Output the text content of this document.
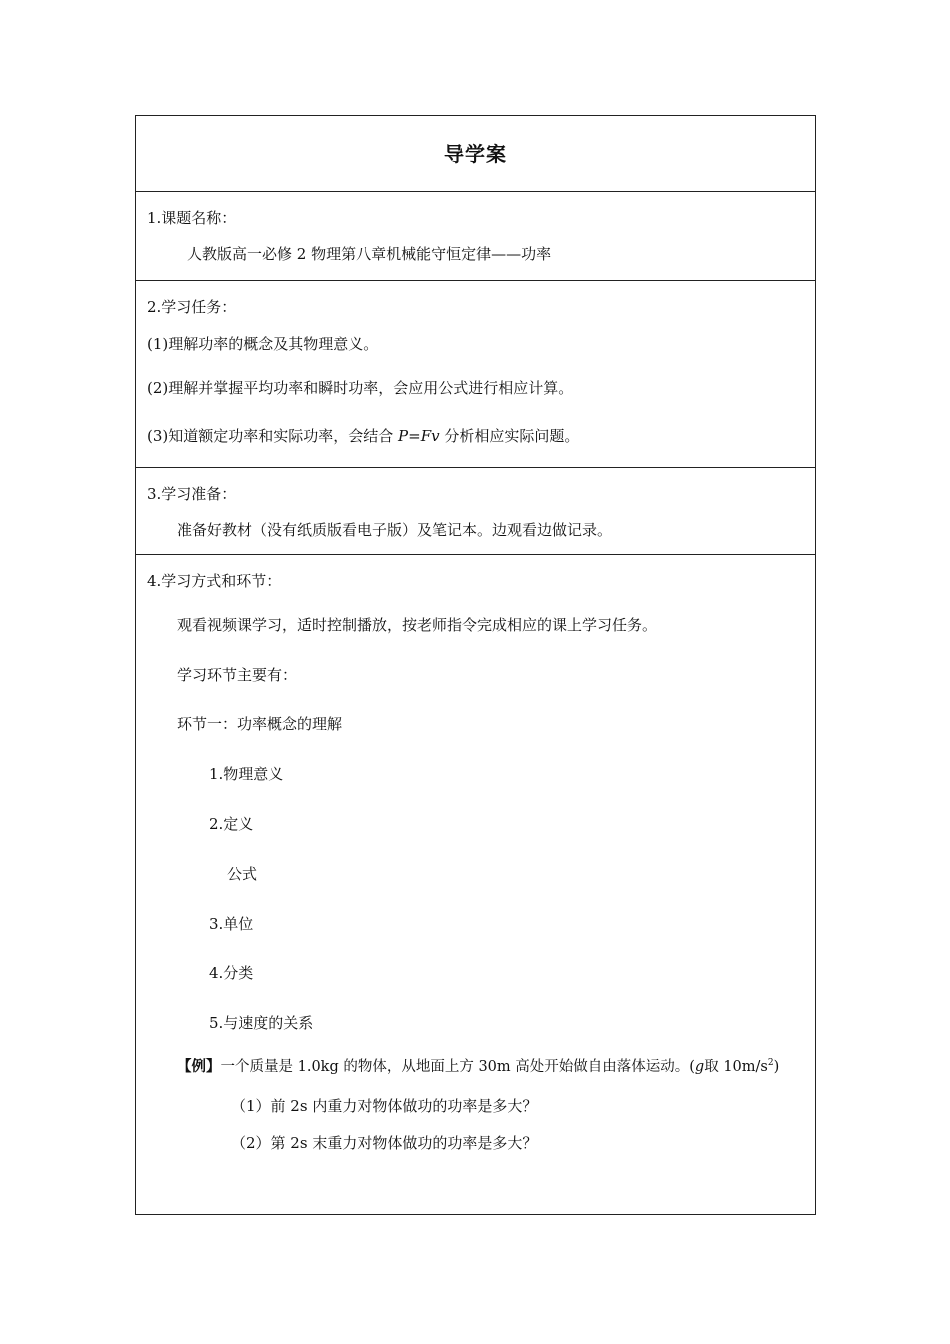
导学案
1.课题名称：
人教版高一必修 2 物理第八章机械能守恒定律——功率
2.学习任务：
(1)理解功率的概念及其物理意义。
(2)理解并掌握平均功率和瞬时功率，会应用公式进行相应计算。
(3)知道额定功率和实际功率，会结合 P=Fv 分析相应实际问题。
3.学习准备：
准备好教材（没有纸质版看电子版）及笔记本。边观看边做记录。
4.学习方式和环节：
观看视频课学习，适时控制播放，按老师指令完成相应的课上学习任务。
学习环节主要有：
环节一：功率概念的理解
1.物理意义
2.定义
公式
3.单位
4.分类
5.与速度的关系
【例】一个质量是 1.0kg 的物体，从地面上方 30m 高处开始做自由落体运动。(g取 $10m/s^2$)
（1）前 2s 内重力对物体做功的功率是多大？
（2）第 2s 末重力对物体做功的功率是多大？
